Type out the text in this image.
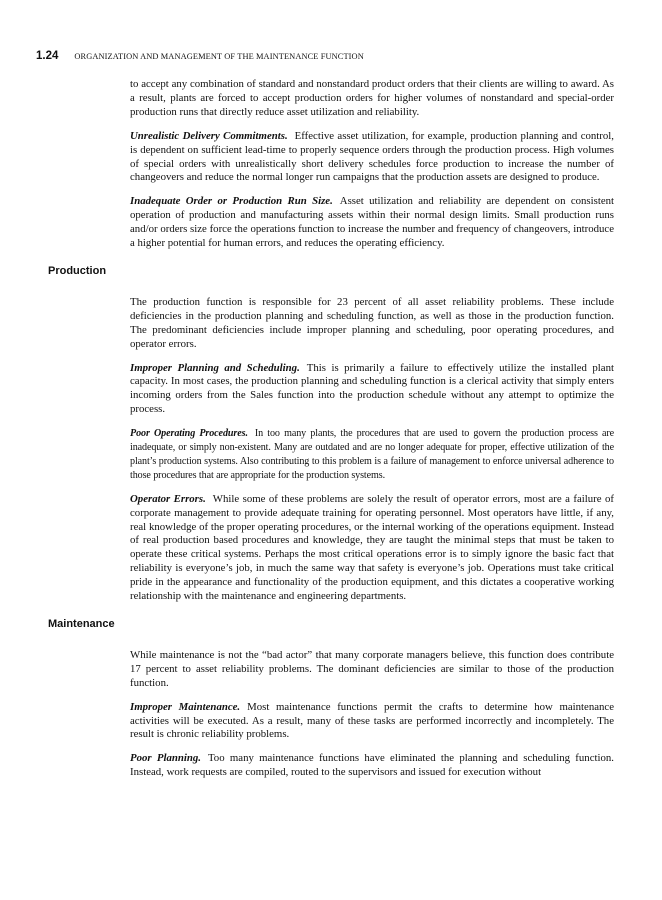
1.24 ORGANIZATION AND MANAGEMENT OF THE MAINTENANCE FUNCTION

to accept any combination of standard and nonstandard product orders that their clients are willing to award. As a result, plants are forced to accept production orders for higher volumes of nonstandard and special-order production runs that directly reduce asset utilization and reliability.

Unrealistic Delivery Commitments. Effective asset utilization, for example, production planning and control, is dependent on sufficient lead-time to properly sequence orders through the production process. High volumes of special orders with unrealistically short delivery schedules force production to increase the number of changeovers and reduce the normal longer run campaigns that the production assets are designed to produce.

Inadequate Order or Production Run Size. Asset utilization and reliability are dependent on consistent operation of production and manufacturing assets within their normal design limits. Small production runs and/or orders size force the operations function to increase the number and frequency of changeovers, introduce a higher potential for human errors, and reduces the operating efficiency.

Production

The production function is responsible for 23 percent of all asset reliability problems. These include deficiencies in the production planning and scheduling function, as well as those in the production function. The predominant deficiencies include improper planning and scheduling, poor operating procedures, and operator errors.

Improper Planning and Scheduling. This is primarily a failure to effectively utilize the installed plant capacity. In most cases, the production planning and scheduling function is a clerical activity that simply enters incoming orders from the Sales function into the production schedule without any attempt to optimize the process.

Poor Operating Procedures. In too many plants, the procedures that are used to govern the production process are inadequate, or simply non-existent. Many are outdated and are no longer adequate for proper, effective utilization of the plant’s production systems. Also contributing to this problem is a failure of management to enforce universal adherence to those procedures that are appropriate for the production systems.

Operator Errors. While some of these problems are solely the result of operator errors, most are a failure of corporate management to provide adequate training for operating personnel. Most operators have little, if any, real knowledge of the proper operating procedures, or the internal working of the operations equipment. Instead of real production based procedures and knowledge, they are taught the minimal steps that must be taken to operate these critical systems. Perhaps the most critical operations error is to simply ignore the basic fact that reliability is everyone’s job, in much the same way that safety is everyone’s job. Operations must take critical pride in the appearance and functionality of the production equipment, and this dictates a cooperative working relationship with the maintenance and engineering departments.

Maintenance

While maintenance is not the “bad actor” that many corporate managers believe, this function does contribute 17 percent to asset reliability problems. The dominant deficiencies are similar to those of the production function.

Improper Maintenance. Most maintenance functions permit the crafts to determine how maintenance activities will be executed. As a result, many of these tasks are performed incorrectly and incompletely. The result is chronic reliability problems.

Poor Planning. Too many maintenance functions have eliminated the planning and scheduling function. Instead, work requests are compiled, routed to the supervisors and issued for execution without
